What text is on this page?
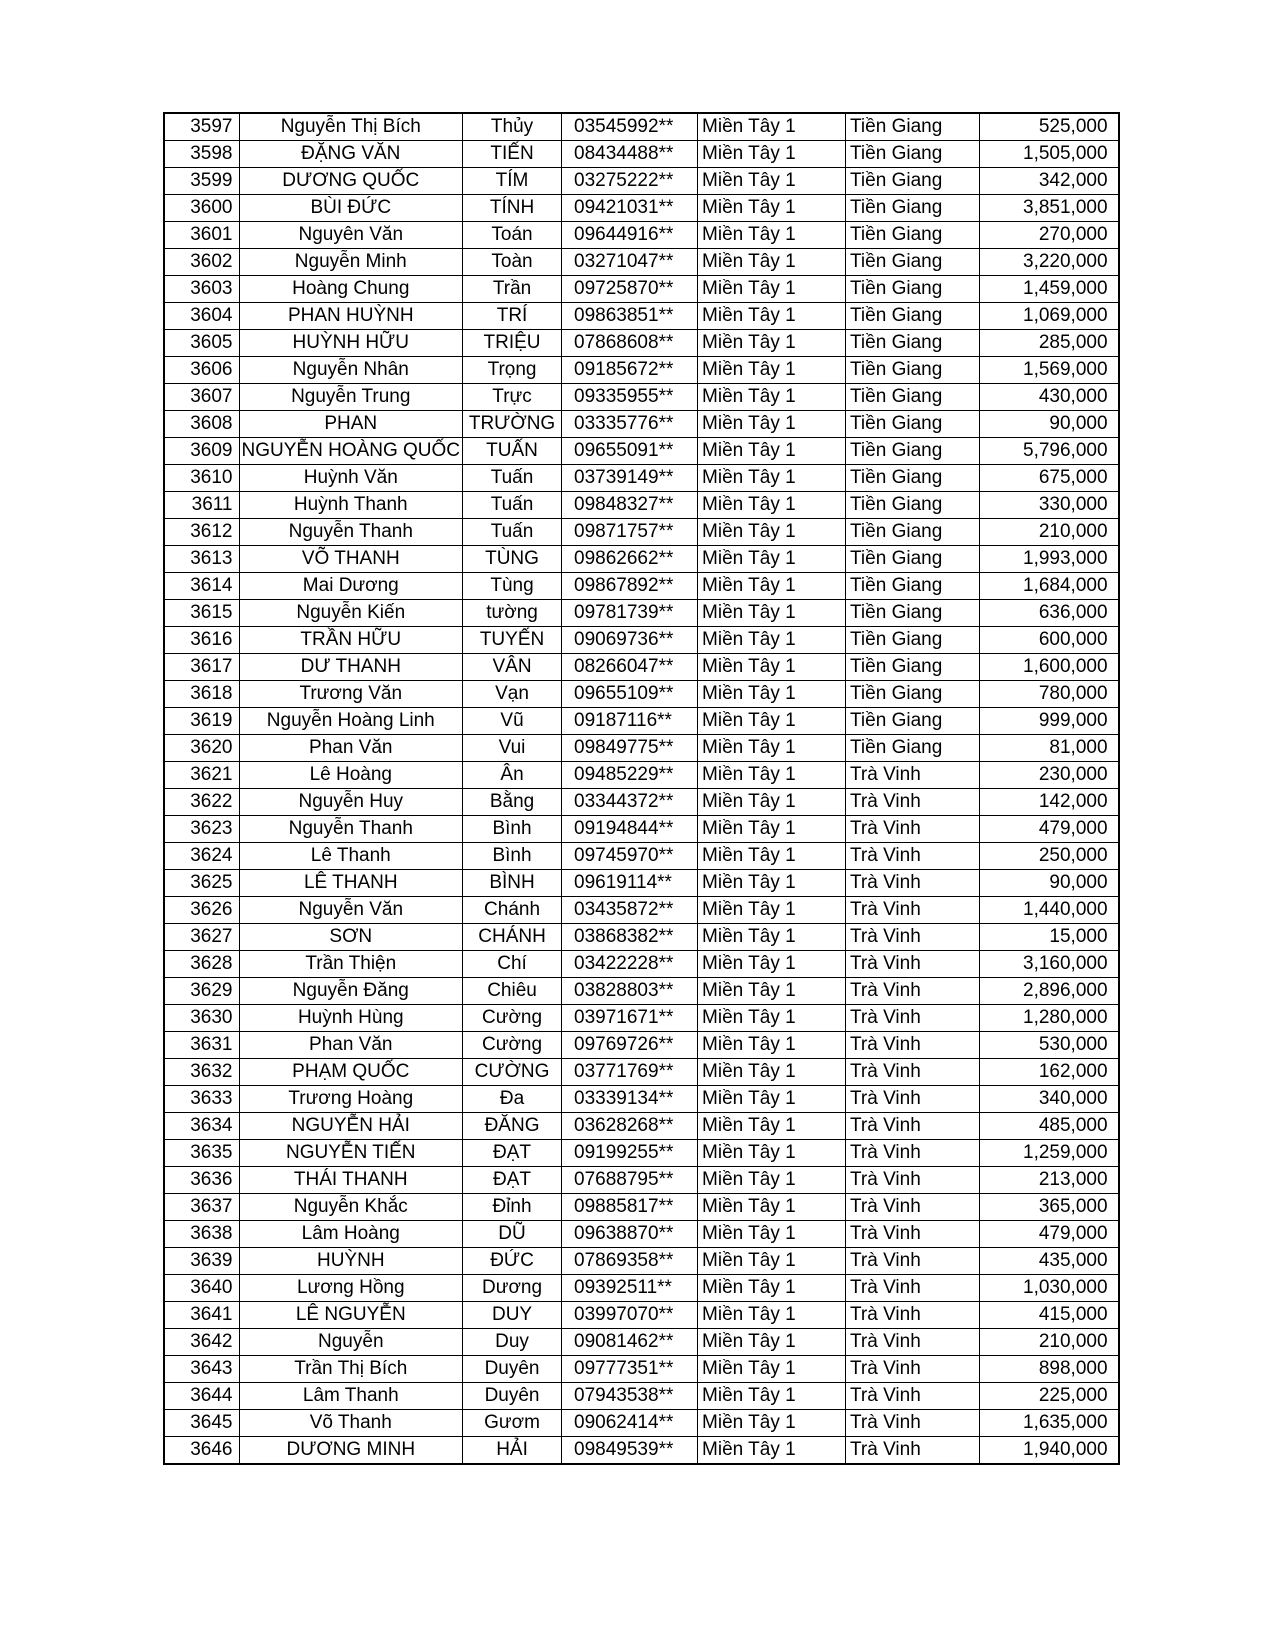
3597	Nguyễn Thị Bích	Thủy	03545992**	Miền Tây 1	Tiền Giang	525,000
3598	ĐẶNG VĂN	TIẾN	08434488**	Miền Tây 1	Tiền Giang	1,505,000
3599	DƯƠNG QUỐC	TÍM	03275222**	Miền Tây 1	Tiền Giang	342,000
3600	BÙI ĐỨC	TÍNH	09421031**	Miền Tây 1	Tiền Giang	3,851,000
3601	Nguyên Văn	Toán	09644916**	Miền Tây 1	Tiền Giang	270,000
3602	Nguyễn Minh	Toàn	03271047**	Miền Tây 1	Tiền Giang	3,220,000
3603	Hoàng Chung	Trần	09725870**	Miền Tây 1	Tiền Giang	1,459,000
3604	PHAN HUỲNH	TRÍ	09863851**	Miền Tây 1	Tiền Giang	1,069,000
3605	HUỲNH HỮU	TRIỆU	07868608**	Miền Tây 1	Tiền Giang	285,000
3606	Nguyễn Nhân	Trọng	09185672**	Miền Tây 1	Tiền Giang	1,569,000
3607	Nguyễn Trung	Trực	09335955**	Miền Tây 1	Tiền Giang	430,000
3608	PHAN	TRƯỜNG	03335776**	Miền Tây 1	Tiền Giang	90,000
3609	NGUYỄN HOÀNG QUỐC	TUẤN	09655091**	Miền Tây 1	Tiền Giang	5,796,000
3610	Huỳnh Văn	Tuấn	03739149**	Miền Tây 1	Tiền Giang	675,000
3611	Huỳnh Thanh	Tuấn	09848327**	Miền Tây 1	Tiền Giang	330,000
3612	Nguyễn Thanh	Tuấn	09871757**	Miền Tây 1	Tiền Giang	210,000
3613	VÕ THANH	TÙNG	09862662**	Miền Tây 1	Tiền Giang	1,993,000
3614	Mai Dương	Tùng	09867892**	Miền Tây 1	Tiền Giang	1,684,000
3615	Nguyễn Kiến	tường	09781739**	Miền Tây 1	Tiền Giang	636,000
3616	TRẦN HỮU	TUYẾN	09069736**	Miền Tây 1	Tiền Giang	600,000
3617	DƯ THANH	VÂN	08266047**	Miền Tây 1	Tiền Giang	1,600,000
3618	Trương Văn	Vạn	09655109**	Miền Tây 1	Tiền Giang	780,000
3619	Nguyễn Hoàng Linh	Vũ	09187116**	Miền Tây 1	Tiền Giang	999,000
3620	Phan Văn	Vui	09849775**	Miền Tây 1	Tiền Giang	81,000
3621	Lê Hoàng	Ân	09485229**	Miền Tây 1	Trà Vinh	230,000
3622	Nguyễn Huy	Bằng	03344372**	Miền Tây 1	Trà Vinh	142,000
3623	Nguyễn Thanh	Bình	09194844**	Miền Tây 1	Trà Vinh	479,000
3624	Lê Thanh	Bình	09745970**	Miền Tây 1	Trà Vinh	250,000
3625	LÊ THANH	BÌNH	09619114**	Miền Tây 1	Trà Vinh	90,000
3626	Nguyễn Văn	Chánh	03435872**	Miền Tây 1	Trà Vinh	1,440,000
3627	SƠN	CHÁNH	03868382**	Miền Tây 1	Trà Vinh	15,000
3628	Trần Thiện	Chí	03422228**	Miền Tây 1	Trà Vinh	3,160,000
3629	Nguyễn Đăng	Chiêu	03828803**	Miền Tây 1	Trà Vinh	2,896,000
3630	Huỳnh Hùng	Cường	03971671**	Miền Tây 1	Trà Vinh	1,280,000
3631	Phan Văn	Cường	09769726**	Miền Tây 1	Trà Vinh	530,000
3632	PHẠM QUỐC	CƯỜNG	03771769**	Miền Tây 1	Trà Vinh	162,000
3633	Trương Hoàng	Đa	03339134**	Miền Tây 1	Trà Vinh	340,000
3634	NGUYỄN HẢI	ĐĂNG	03628268**	Miền Tây 1	Trà Vinh	485,000
3635	NGUYỄN TIẾN	ĐẠT	09199255**	Miền Tây 1	Trà Vinh	1,259,000
3636	THÁI THANH	ĐẠT	07688795**	Miền Tây 1	Trà Vinh	213,000
3637	Nguyễn Khắc	Đỉnh	09885817**	Miền Tây 1	Trà Vinh	365,000
3638	Lâm Hoàng	DŨ	09638870**	Miền Tây 1	Trà Vinh	479,000
3639	HUỲNH	ĐỨC	07869358**	Miền Tây 1	Trà Vinh	435,000
3640	Lương Hồng	Dương	09392511**	Miền Tây 1	Trà Vinh	1,030,000
3641	LÊ NGUYỄN	DUY	03997070**	Miền Tây 1	Trà Vinh	415,000
3642	Nguyễn	Duy	09081462**	Miền Tây 1	Trà Vinh	210,000
3643	Trần Thị Bích	Duyên	09777351**	Miền Tây 1	Trà Vinh	898,000
3644	Lâm Thanh	Duyên	07943538**	Miền Tây 1	Trà Vinh	225,000
3645	Võ Thanh	Gươm	09062414**	Miền Tây 1	Trà Vinh	1,635,000
3646	DƯƠNG MINH	HẢI	09849539**	Miền Tây 1	Trà Vinh	1,940,000
